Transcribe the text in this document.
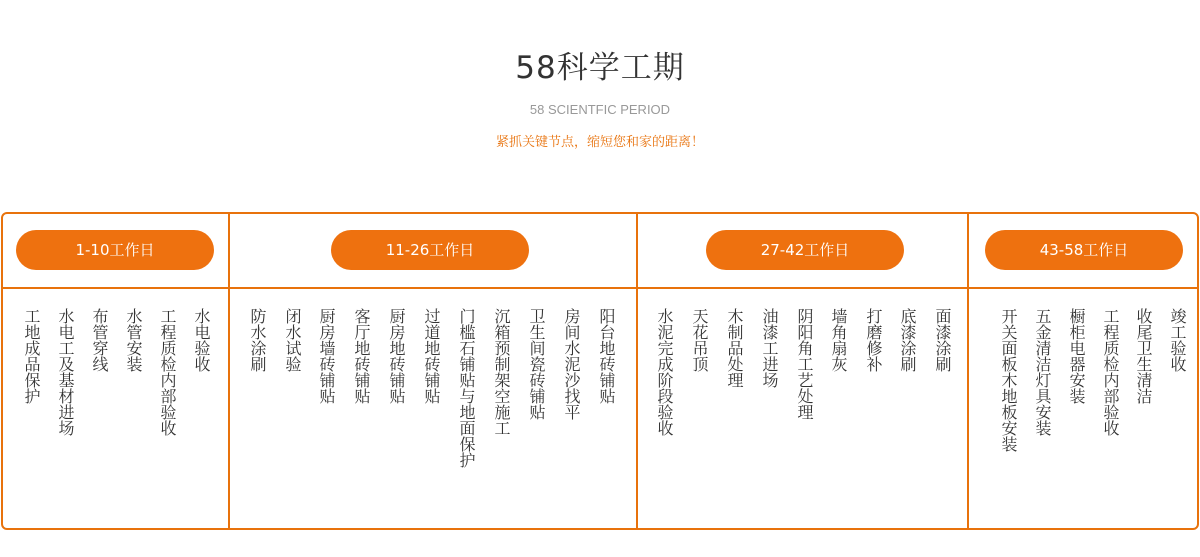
58科学工期
58 SCIENTFIC PERIOD
紧抓关键节点，缩短您和家的距离！
1-10工作日
工地成品保护 水电工及基材进场 布管穿线 水管安装 工程质检内部验收 水电验收
11-26工作日
防水涂刷 闭水试验 厨房墙砖铺贴 客厅地砖铺贴 厨房地砖铺贴 过道地砖铺贴 门槛石铺贴与地面保护 沉箱预制架空施工 卫生间瓷砖铺贴 房间水泥沙找平 阳台地砖铺贴
27-42工作日
水泥完成阶段验收 天花吊顶 木制品处理 油漆工进场 阴阳角工艺处理 墙角扇灰 打磨修补 底漆涂刷 面漆涂刷
43-58工作日
开关面板木地板安装 五金清洁灯具安装 橱柜电器安装 工程质检内部验收 收尾卫生清洁 竣工验收
